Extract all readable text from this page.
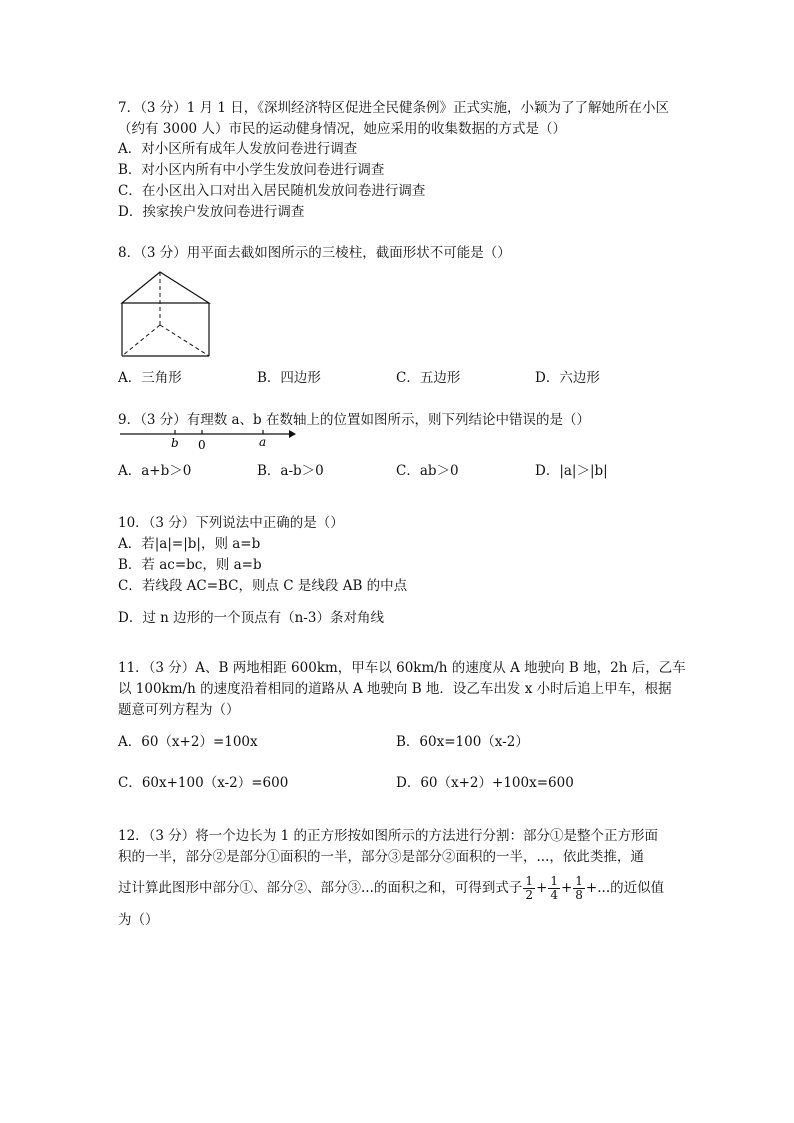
7．（3 分）1 月 1 日，《深圳经济特区促进全民健条例》正式实施，小颖为了了解她所在小区
（约有 3000 人）市民的运动健身情况，她应采用的收集数据的方式是（）
A．对小区所有成年人发放问卷进行调查
B．对小区内所有中小学生发放问卷进行调查
C．在小区出入口对出入居民随机发放问卷进行调查
D．挨家挨户发放问卷进行调查
8．（3 分）用平面去截如图所示的三棱柱，截面形状不可能是（）
A．三角形	B．四边形	C．五边形	D．六边形
9．（3 分）有理数 a、b 在数轴上的位置如图所示，则下列结论中错误的是（）
b 0	a
A．a+b＞0	B．a-b＞0	C．ab＞0	D．|a|＞|b|
10．（3 分）下列说法中正确的是（）
A．若|a|=|b|，则 a=b
B．若 ac=bc，则 a=b
C．若线段 AC=BC，则点 C 是线段 AB 的中点
D．过 n 边形的一个顶点有（n-3）条对角线
11．（3 分）A、B 两地相距 600km，甲车以 60km/h 的速度从 A 地驶向 B 地，2h 后，乙车
以 100km/h 的速度沿着相同的道路从 A 地驶向 B 地．设乙车出发 x 小时后追上甲车，根据
题意可列方程为（）
A．60（x+2）=100x	B．60x=100（x-2）
C．60x+100（x-2）=600	D．60（x+2）+100x=600
12．（3 分）将一个边长为 1 的正方形按如图所示的方法进行分割：部分①是整个正方形面
积的一半，部分②是部分①面积的一半，部分③是部分②面积的一半，...，依此类推，通
过计算此图形中部分①、部分②、部分③...的面积之和，可得到式子 $\frac{1}{2} + \frac{1}{4} + \frac{1}{8}$ +...的近似值
为（）
